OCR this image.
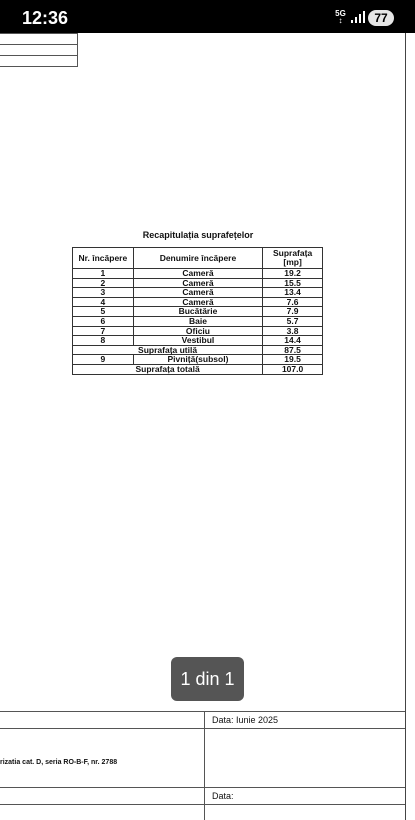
12:36	5G
↕	77
Recapitulația suprafețelor
Nr. încăpere	Denumire încăpere	Suprafața [mp]
1	Cameră	19.2
2	Cameră	15.5
3	Cameră	13.4
4	Cameră	7.6
5	Bucătărie	7.9
6	Baie	5.7
7	Oficiu	3.8
8	Vestibul	14.4
Suprafața utilă		87.5
9	Pivniță(subsol)	19.5
Suprafața totală		107.0
1 din 1
Data: Iunie 2025
rizatia cat. D, seria RO-B-F, nr. 2788
Data:
